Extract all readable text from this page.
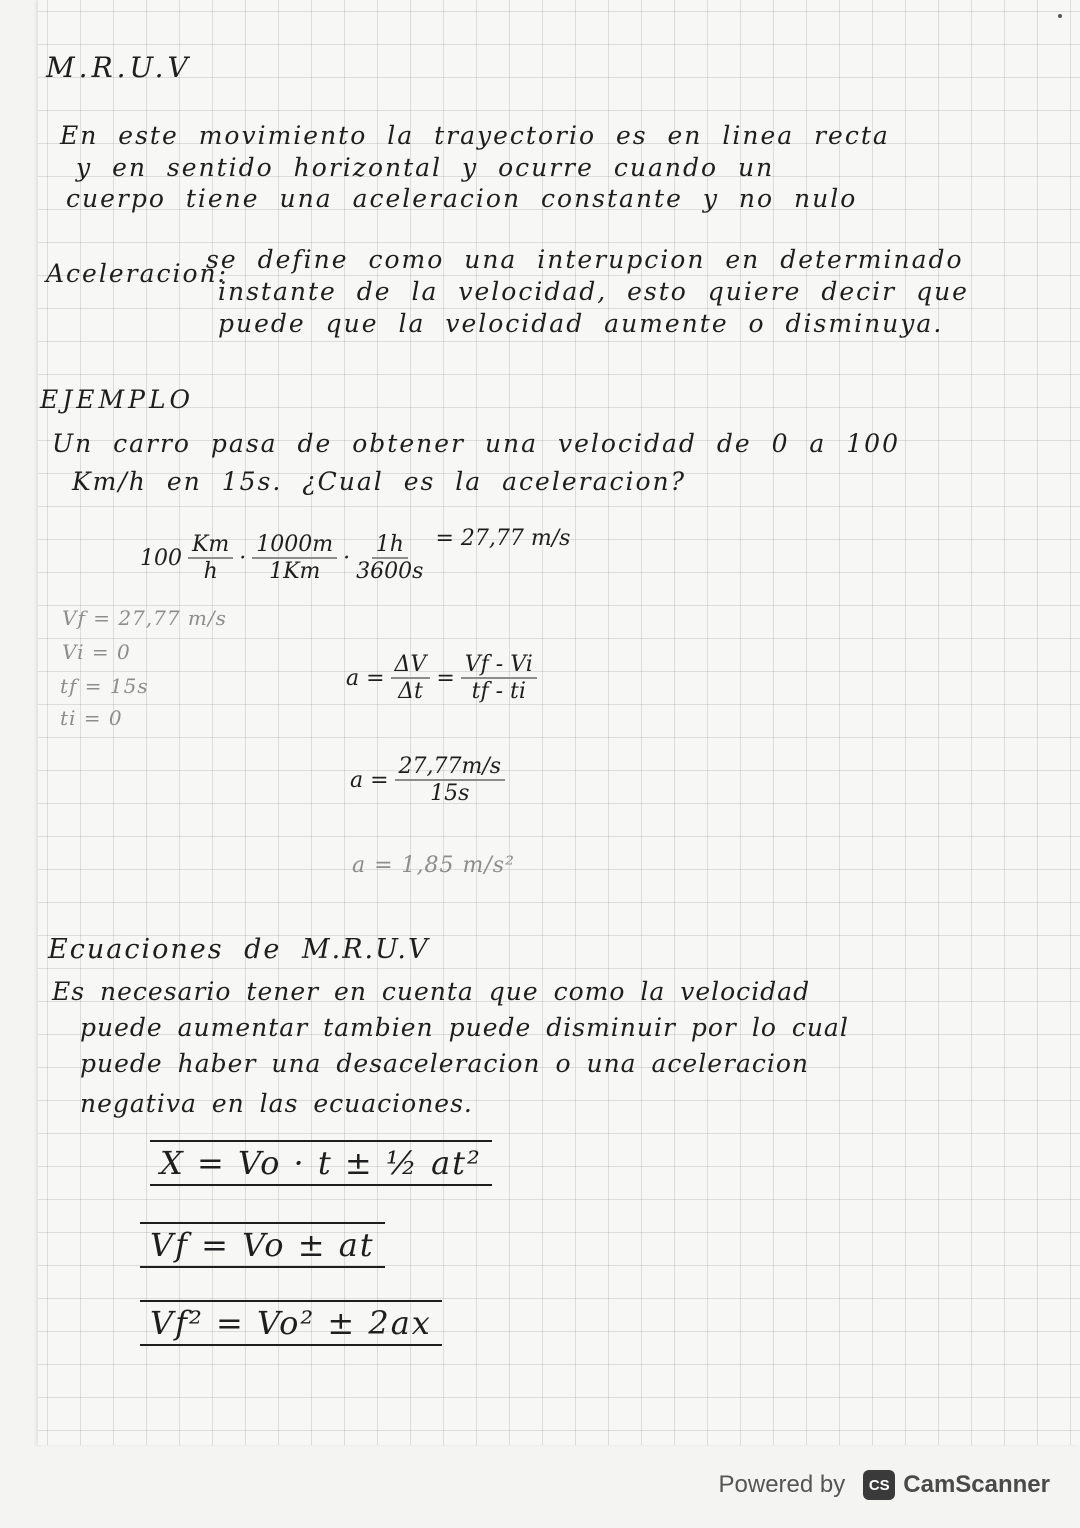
M.R.U.V

En este movimiento la trayectorio es en linea recta

y en sentido horizontal y ocurre cuando un

cuerpo tiene una aceleracion constante y no nulo

Aceleracion:

se define como una interupcion en determinado

instante de la velocidad, esto quiere decir que

puede que la velocidad aumente o disminuya.

EJEMPLO

Un carro pasa de obtener una velocidad de 0 a 100

Km/h en 15s. ¿Cual es la aceleracion?

$100 \frac{Km}{h} \cdot \frac{1000m}{1Km} \cdot \frac{1h}{3600s} = 27,77$ m/s

Vf = 27,77 m/s

Vi = 0

tf = 15s

ti = 0

$a = \frac{\Delta V}{\Delta t} = \frac{Vf - Vi}{tf - ti}$
$a = \frac{27,77m/s}{15s}$

a = 1,85 m/s²

Ecuaciones de M.R.U.V

Es necesario tener en cuenta que como la velocidad

puede aumentar tambien puede disminuir por lo cual

puede haber una desaceleracion o una aceleracion

negativa en las ecuaciones.

X = Vo · t ± ½ at²
Vf = Vo ± at
Vf² = Vo² ± 2ax
Powered by	CS CamScanner
